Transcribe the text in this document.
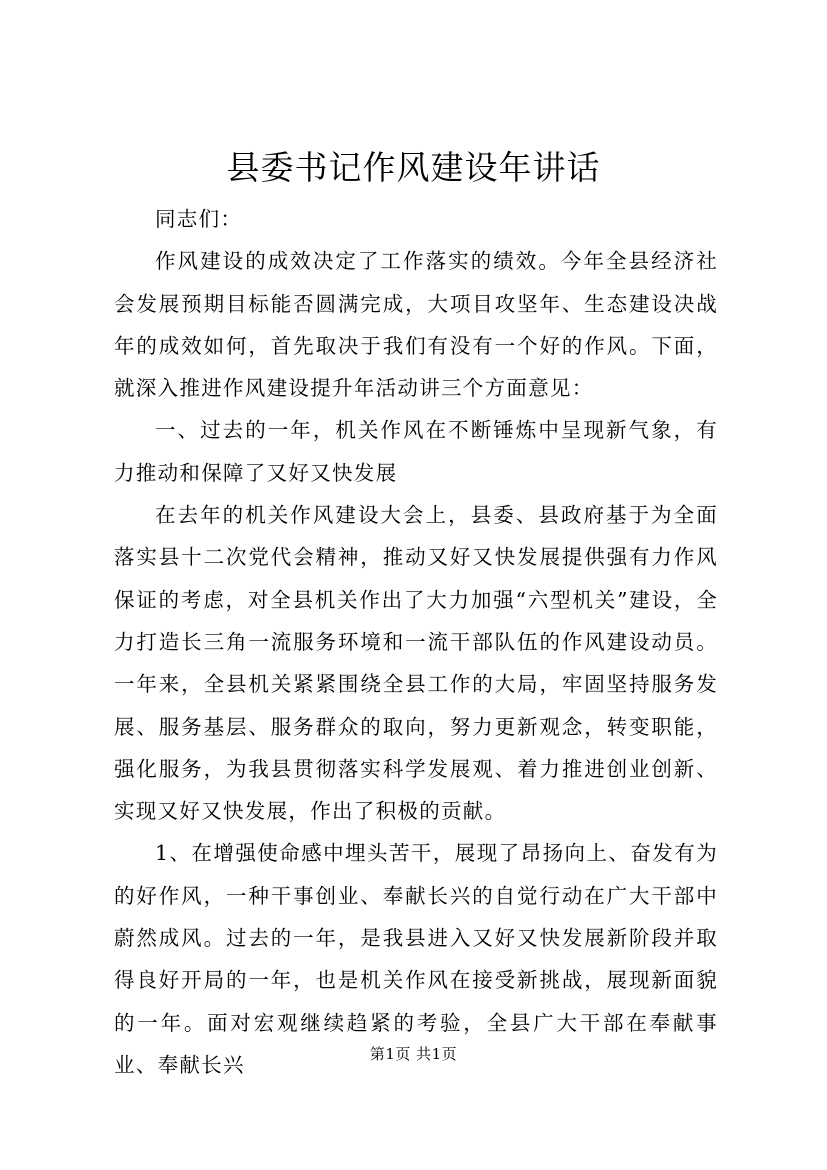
县委书记作风建设年讲话

同志们：

作风建设的成效决定了工作落实的绩效。今年全县经济社会发展预期目标能否圆满完成，大项目攻坚年、生态建设决战年的成效如何，首先取决于我们有没有一个好的作风。下面，就深入推进作风建设提升年活动讲三个方面意见：

一、过去的一年，机关作风在不断锤炼中呈现新气象，有力推动和保障了又好又快发展

在去年的机关作风建设大会上，县委、县政府基于为全面落实县十二次党代会精神，推动又好又快发展提供强有力作风保证的考虑，对全县机关作出了大力加强“六型机关”建设，全力打造长三角一流服务环境和一流干部队伍的作风建设动员。一年来，全县机关紧紧围绕全县工作的大局，牢固坚持服务发展、服务基层、服务群众的取向，努力更新观念，转变职能，强化服务，为我县贯彻落实科学发展观、着力推进创业创新、实现又好又快发展，作出了积极的贡献。

1、在增强使命感中埋头苦干，展现了昂扬向上、奋发有为的好作风，一种干事创业、奉献长兴的自觉行动在广大干部中蔚然成风。过去的一年，是我县进入又好又快发展新阶段并取得良好开局的一年，也是机关作风在接受新挑战，展现新面貌的一年。面对宏观继续趋紧的考验，全县广大干部在奉献事业、奉献长兴	第1页 共1页
